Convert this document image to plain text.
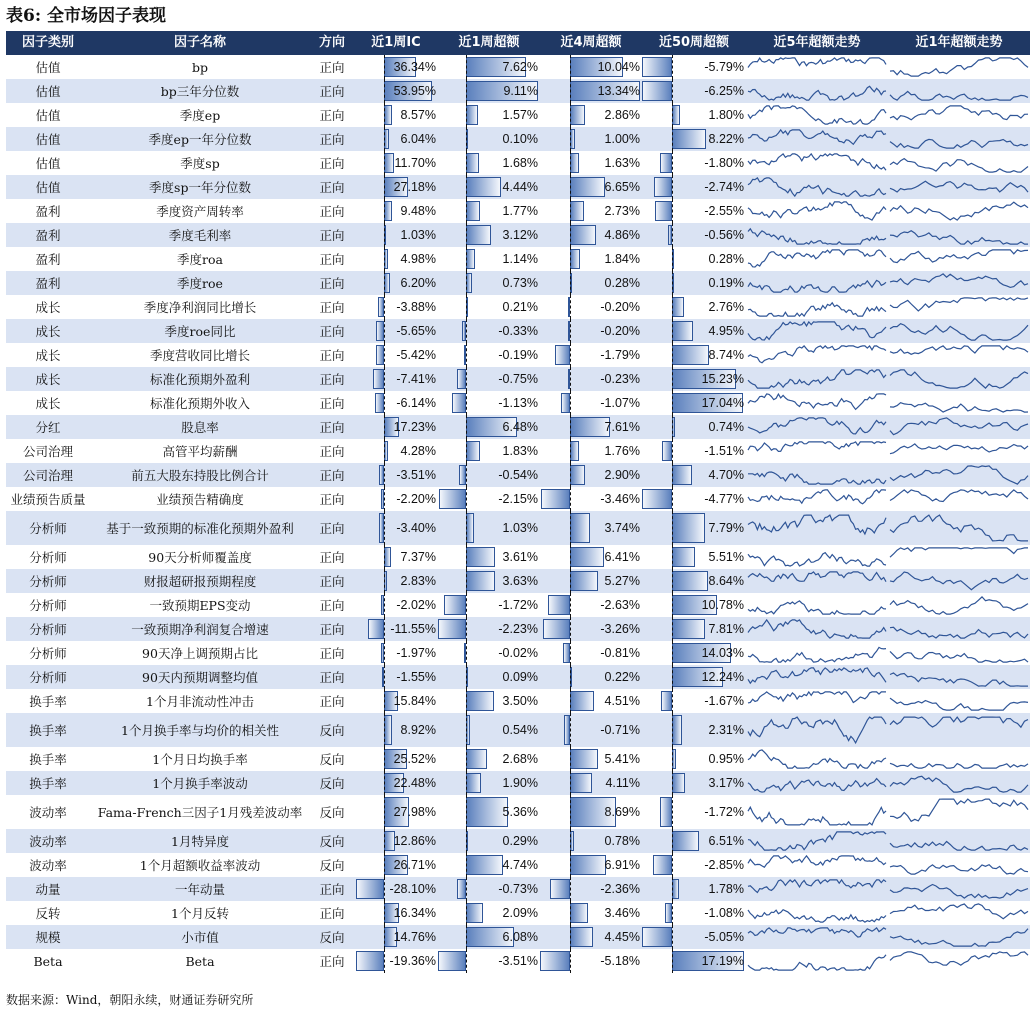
表6: 全市场因子表现
因子类别	因子名称	方向	近1周IC	近1周超额	近4周超额	近50周超额	近5年超额走势	近1年超额走势
估值	bp	正向	36.34%	7.62%	10.04%	-5.79%
估值	bp三年分位数	正向	53.95%	9.11%	13.34%	-6.25%
估值	季度ep	正向	8.57%	1.57%	2.86%	1.80%
估值	季度ep一年分位数	正向	6.04%	0.10%	1.00%	8.22%
估值	季度sp	正向	11.70%	1.68%	1.63%	-1.80%
估值	季度sp一年分位数	正向	27.18%	4.44%	6.65%	-2.74%
盈利	季度资产周转率	正向	9.48%	1.77%	2.73%	-2.55%
盈利	季度毛利率	正向	1.03%	3.12%	4.86%	-0.56%
盈利	季度roa	正向	4.98%	1.14%	1.84%	0.28%
盈利	季度roe	正向	6.20%	0.73%	0.28%	0.19%
成长	季度净利润同比增长	正向	-3.88%	0.21%	-0.20%	2.76%
成长	季度roe同比	正向	-5.65%	-0.33%	-0.20%	4.95%
成长	季度营收同比增长	正向	-5.42%	-0.19%	-1.79%	8.74%
成长	标准化预期外盈利	正向	-7.41%	-0.75%	-0.23%	15.23%
成长	标准化预期外收入	正向	-6.14%	-1.13%	-1.07%	17.04%
分红	股息率	正向	17.23%	6.48%	7.61%	0.74%
公司治理	高管平均薪酬	正向	4.28%	1.83%	1.76%	-1.51%
公司治理	前五大股东持股比例合计	正向	-3.51%	-0.54%	2.90%	4.70%
业绩预告质量	业绩预告精确度	正向	-2.20%	-2.15%	-3.46%	-4.77%
分析师	基于一致预期的标准化预期外盈利	正向	-3.40%	1.03%	3.74%	7.79%
分析师	90天分析师覆盖度	正向	7.37%	3.61%	6.41%	5.51%
分析师	财报超研报预期程度	正向	2.83%	3.63%	5.27%	8.64%
分析师	一致预期EPS变动	正向	-2.02%	-1.72%	-2.63%	10.78%
分析师	一致预期净利润复合增速	正向	-11.55%	-2.23%	-3.26%	7.81%
分析师	90天净上调预期占比	正向	-1.97%	-0.02%	-0.81%	14.03%
分析师	90天内预期调整均值	正向	-1.55%	0.09%	0.22%	12.24%
换手率	1个月非流动性冲击	正向	15.84%	3.50%	4.51%	-1.67%
换手率	1个月换手率与均价的相关性	反向	8.92%	0.54%	-0.71%	2.31%
换手率	1个月日均换手率	反向	25.52%	2.68%	5.41%	0.95%
换手率	1个月换手率波动	反向	22.48%	1.90%	4.11%	3.17%
波动率	Fama-French三因子1月残差波动率	反向	27.98%	5.36%	8.69%	-1.72%
波动率	1月特异度	反向	12.86%	0.29%	0.78%	6.51%
波动率	1个月超额收益率波动	反向	26.71%	4.74%	6.91%	-2.85%
动量	一年动量	正向	-28.10%	-0.73%	-2.36%	1.78%
反转	1个月反转	正向	16.34%	2.09%	3.46%	-1.08%
规模	小市值	反向	14.76%	6.08%	4.45%	-5.05%
Beta	Beta	正向	-19.36%	-3.51%	-5.18%	17.19%
数据来源：Wind，朝阳永续，财通证券研究所
